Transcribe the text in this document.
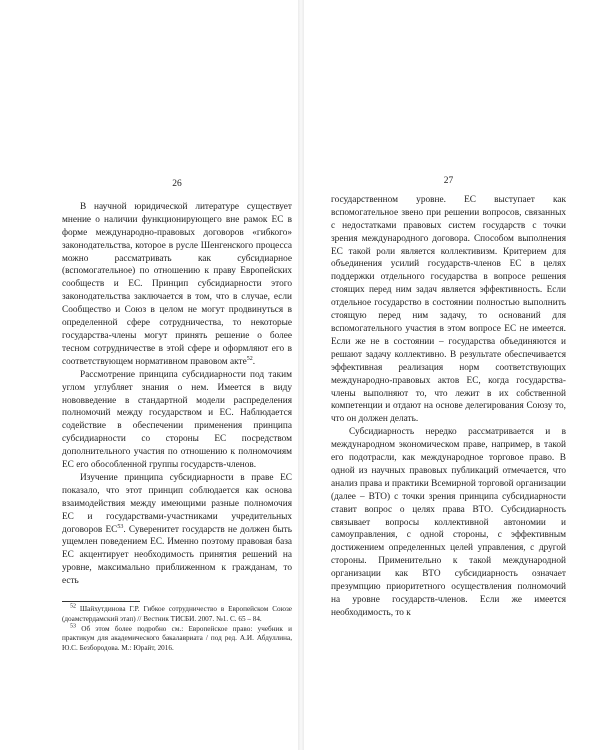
26

В научной юридической литературе существует мнение о наличии функционирующего вне рамок ЕС в форме международно-правовых договоров «гибкого» законодательства, которое в русле Шенгенского процесса можно рассматривать как субсидиарное (вспомогательное) по отношению к праву Европейских сообществ и ЕС. Принцип субсидиарности этого законодательства заключается в том, что в случае, если Сообщество и Союз в целом не могут продвинуться в определенной сфере сотрудничества, то некоторые государства-члены могут принять решение о более тесном сотрудничестве в этой сфере и оформляют его в соответствующем нормативном правовом акте$^{52}$.

Рассмотрение принципа субсидиарности под таким углом углубляет знания о нем. Имеется в виду нововведение в стандартной модели распределения полномочий между государством и ЕС. Наблюдается содействие в обеспечении применения принципа субсидиарности со стороны ЕС посредством дополнительного участия по отношению к полномочиям ЕС его обособленной группы государств-членов.

Изучение принципа субсидиарности в праве ЕС показало, что этот принцип соблюдается как основа взаимодействия между имеющими разные полномочия ЕС и государствами-участниками учредительных договоров ЕС$^{53}$. Суверенитет государств не должен быть ущемлен поведением ЕС. Именно поэтому правовая база ЕС акцентирует необходимость принятия решений на уровне, максимально приближенном к гражданам, то есть

$^{52}$ Шайхутдинова Г.Р. Гибкое сотрудничество в Европейском Союзе (доамстердамский этап) // Вестник ТИСБИ. 2007. №1. С. 65 – 84.

$^{53}$ Об этом более подробно см.: Европейское право: учебник и практикум для академического бакалавриата / под ред. А.И. Абдуллина, Ю.С. Безбородова. М.: Юрайт, 2016.

27

государственном уровне. ЕС выступает как вспомогательное звено при решении вопросов, связанных с недостатками правовых систем государств с точки зрения международного договора. Способом выполнения ЕС такой роли является коллективизм. Критерием для объединения усилий государств-членов ЕС в целях поддержки отдельного государства в вопросе решения стоящих перед ним задач является эффективность. Если отдельное государство в состоянии полностью выполнить стоящую перед ним задачу, то оснований для вспомогательного участия в этом вопросе ЕС не имеется. Если же не в состоянии – государства объединяются и решают задачу коллективно. В результате обеспечивается эффективная реализация норм соответствующих международно-правовых актов ЕС, когда государства-члены выполняют то, что лежит в их собственной компетенции и отдают на основе делегирования Союзу то, что он должен делать.

Субсидиарность нередко рассматривается и в международном экономическом праве, например, в такой его подотрасли, как международное торговое право. В одной из научных правовых публикаций отмечается, что анализ права и практики Всемирной торговой организации (далее – ВТО) с точки зрения принципа субсидиарности ставит вопрос о целях права ВТО. Субсидиарность связывает вопросы коллективной автономии и самоуправления, с одной стороны, с эффективным достижением определенных целей управления, с другой стороны. Применительно к такой международной организации как ВТО субсидиарность означает презумпцию приоритетного осуществления полномочий на уровне государств-членов. Если же имеется необходимость, то к
